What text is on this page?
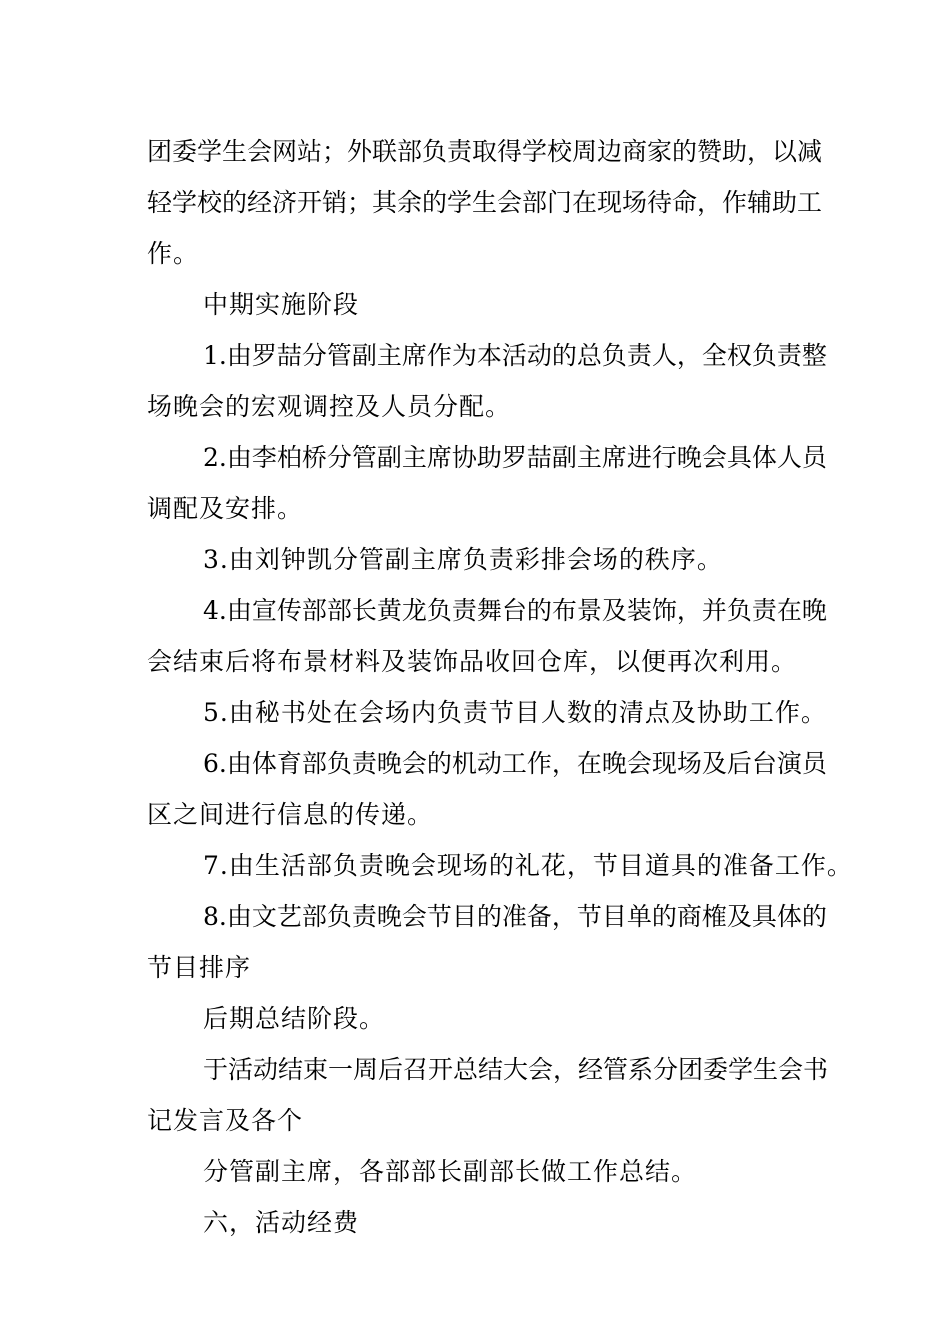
团委学生会网站；外联部负责取得学校周边商家的赞助，以减
轻学校的经济开销；其余的学生会部门在现场待命，作辅助工
作。
中期实施阶段
1.由罗喆分管副主席作为本活动的总负责人，全权负责整
场晚会的宏观调控及人员分配。
2.由李柏桥分管副主席协助罗喆副主席进行晚会具体人员
调配及安排。
3.由刘钟凯分管副主席负责彩排会场的秩序。
4.由宣传部部长黄龙负责舞台的布景及装饰，并负责在晚
会结束后将布景材料及装饰品收回仓库，以便再次利用。
5.由秘书处在会场内负责节目人数的清点及协助工作。
6.由体育部负责晚会的机动工作，在晚会现场及后台演员
区之间进行信息的传递。
7.由生活部负责晚会现场的礼花，节目道具的准备工作。
8.由文艺部负责晚会节目的准备，节目单的商榷及具体的
节目排序
后期总结阶段。
于活动结束一周后召开总结大会，经管系分团委学生会书
记发言及各个
分管副主席，各部部长副部长做工作总结。
六，活动经费
